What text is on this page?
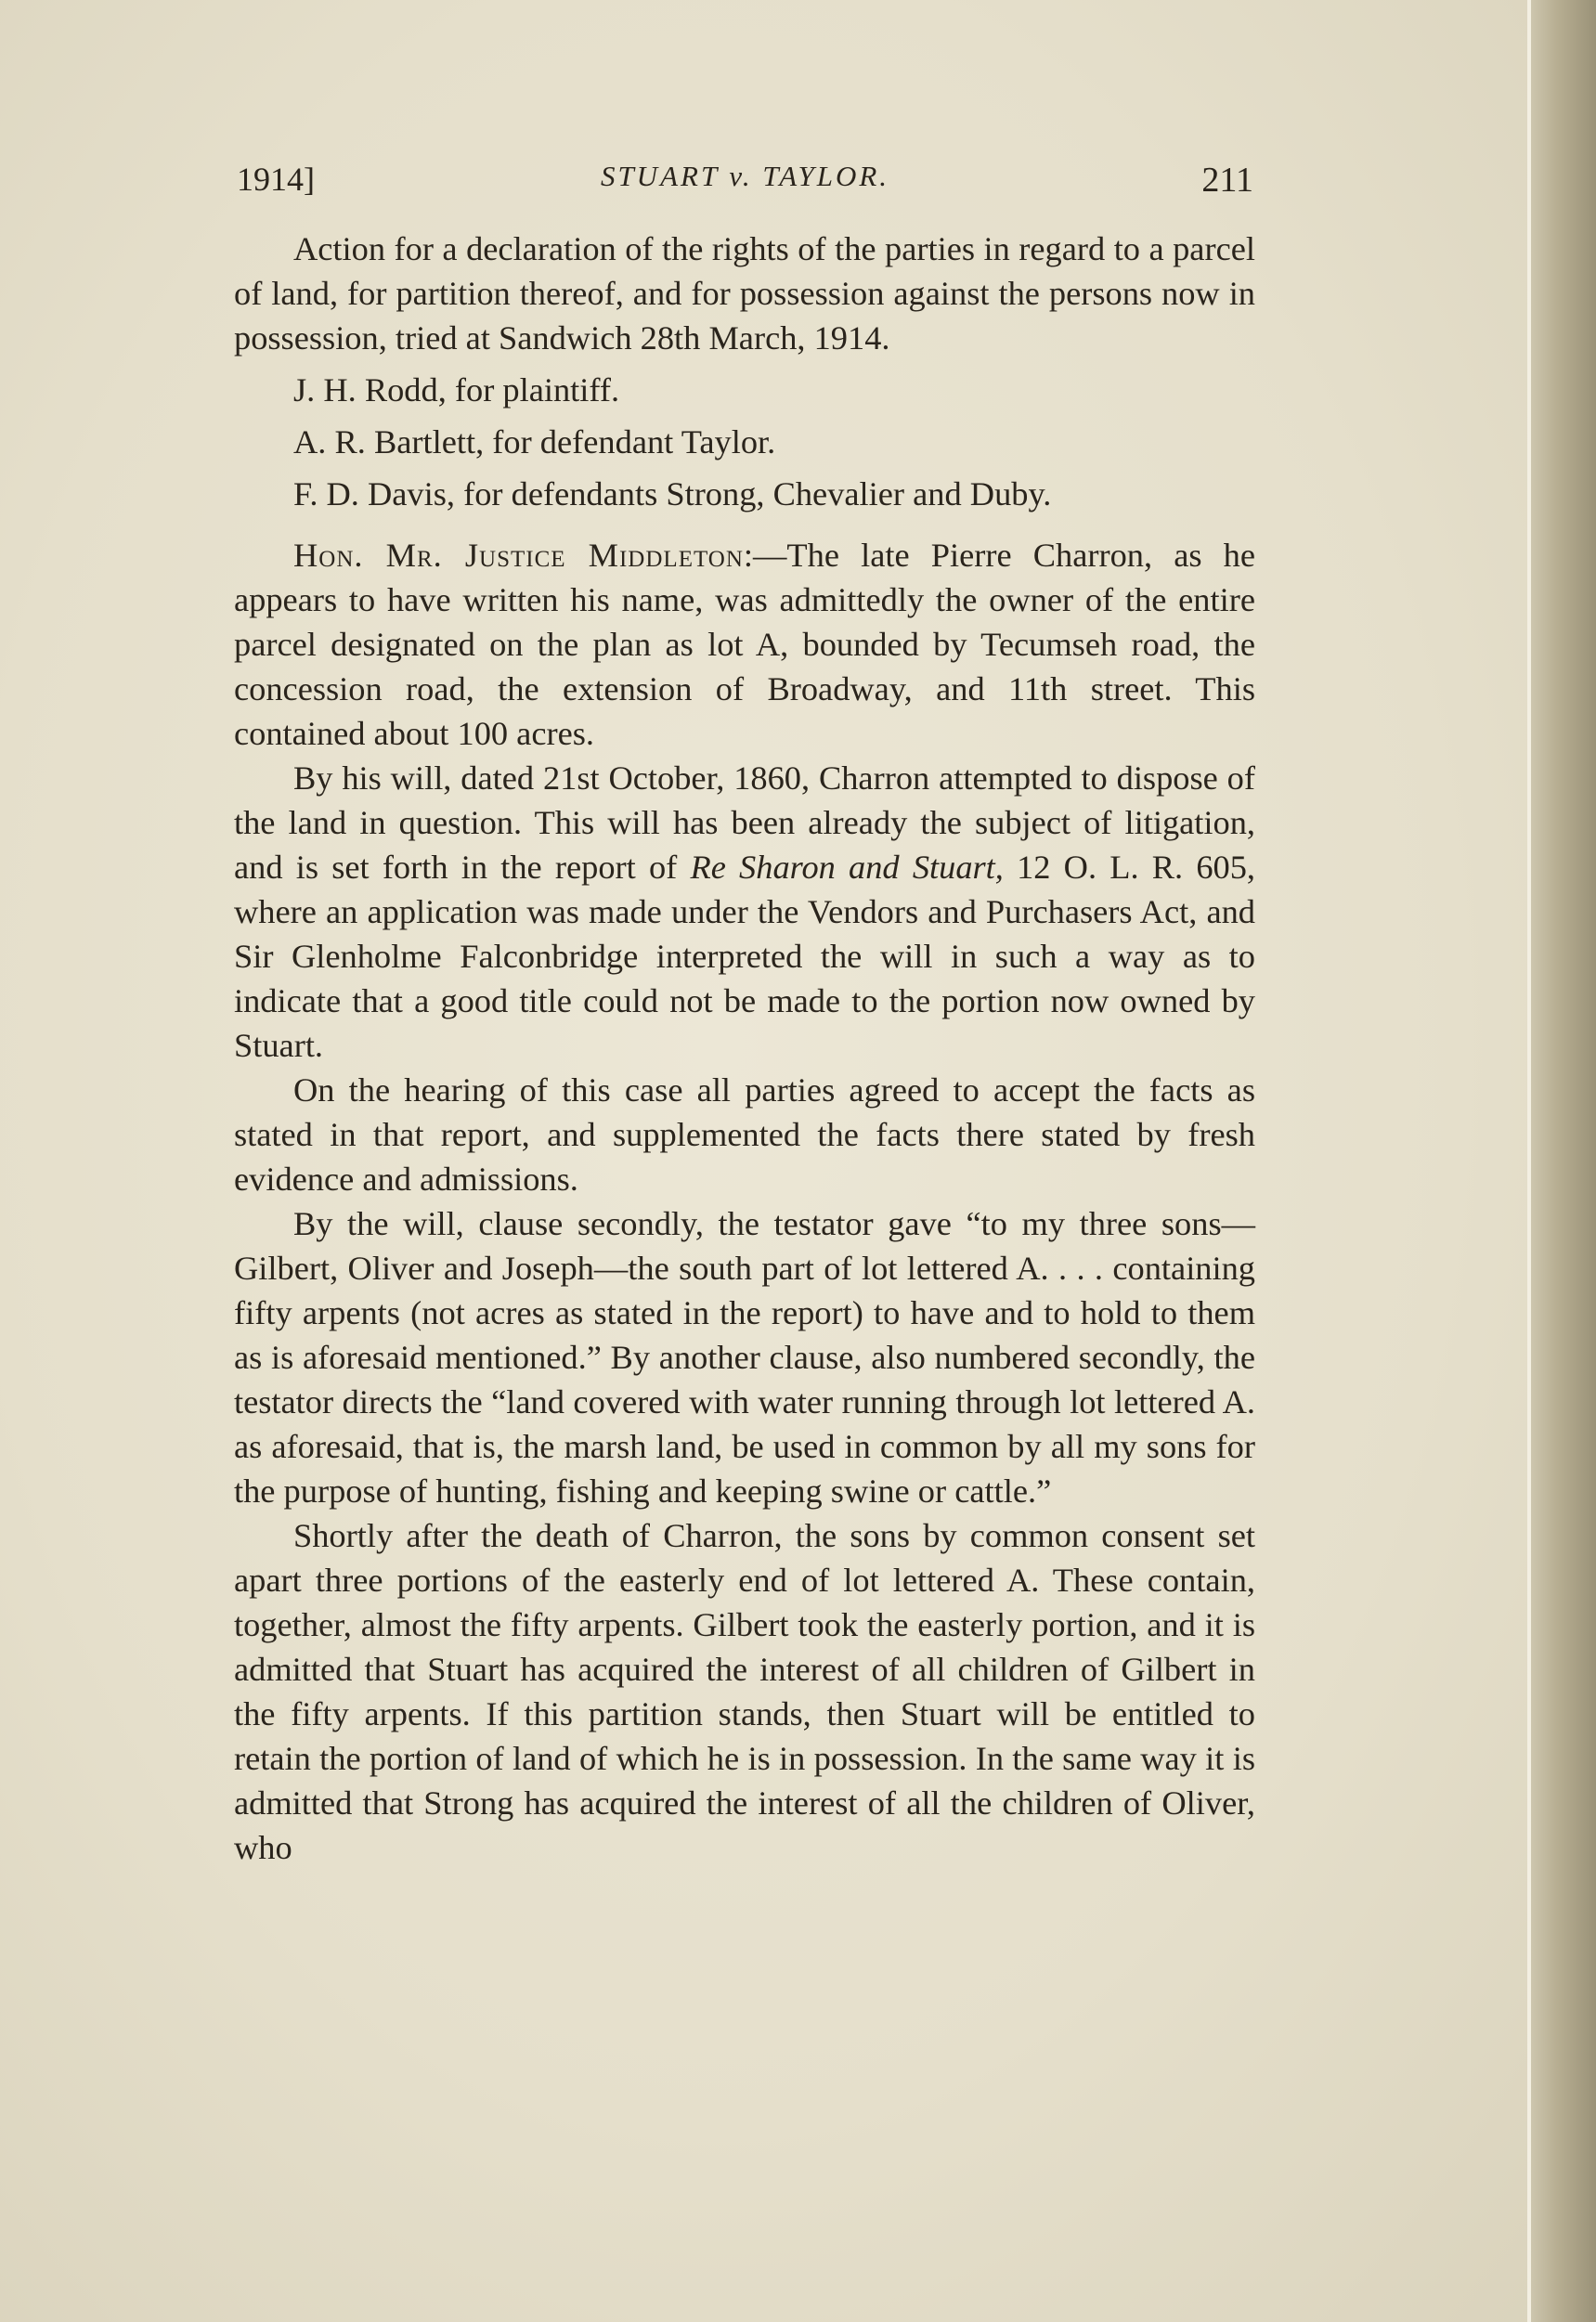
1914]	STUART v. TAYLOR.	211

Action for a declaration of the rights of the parties in regard to a parcel of land, for partition thereof, and for possession against the persons now in possession, tried at Sandwich 28th March, 1914.

J. H. Rodd, for plaintiff.

A. R. Bartlett, for defendant Taylor.

F. D. Davis, for defendants Strong, Chevalier and Duby.

Hon. Mr. Justice Middleton:—The late Pierre Charron, as he appears to have written his name, was admittedly the owner of the entire parcel designated on the plan as lot A, bounded by Tecumseh road, the concession road, the extension of Broadway, and 11th street. This contained about 100 acres.

By his will, dated 21st October, 1860, Charron attempted to dispose of the land in question. This will has been already the subject of litigation, and is set forth in the report of Re Sharon and Stuart, 12 O. L. R. 605, where an application was made under the Vendors and Purchasers Act, and Sir Glenholme Falconbridge interpreted the will in such a way as to indicate that a good title could not be made to the portion now owned by Stuart.

On the hearing of this case all parties agreed to accept the facts as stated in that report, and supplemented the facts there stated by fresh evidence and admissions.

By the will, clause secondly, the testator gave “to my three sons—Gilbert, Oliver and Joseph—the south part of lot lettered A. . . . containing fifty arpents (not acres as stated in the report) to have and to hold to them as is aforesaid mentioned.” By another clause, also numbered secondly, the testator directs the “land covered with water running through lot lettered A. as aforesaid, that is, the marsh land, be used in common by all my sons for the purpose of hunting, fishing and keeping swine or cattle.”

Shortly after the death of Charron, the sons by common consent set apart three portions of the easterly end of lot lettered A. These contain, together, almost the fifty arpents. Gilbert took the easterly portion, and it is admitted that Stuart has acquired the interest of all children of Gilbert in the fifty arpents. If this partition stands, then Stuart will be entitled to retain the portion of land of which he is in possession. In the same way it is admitted that Strong has acquired the interest of all the children of Oliver, who
